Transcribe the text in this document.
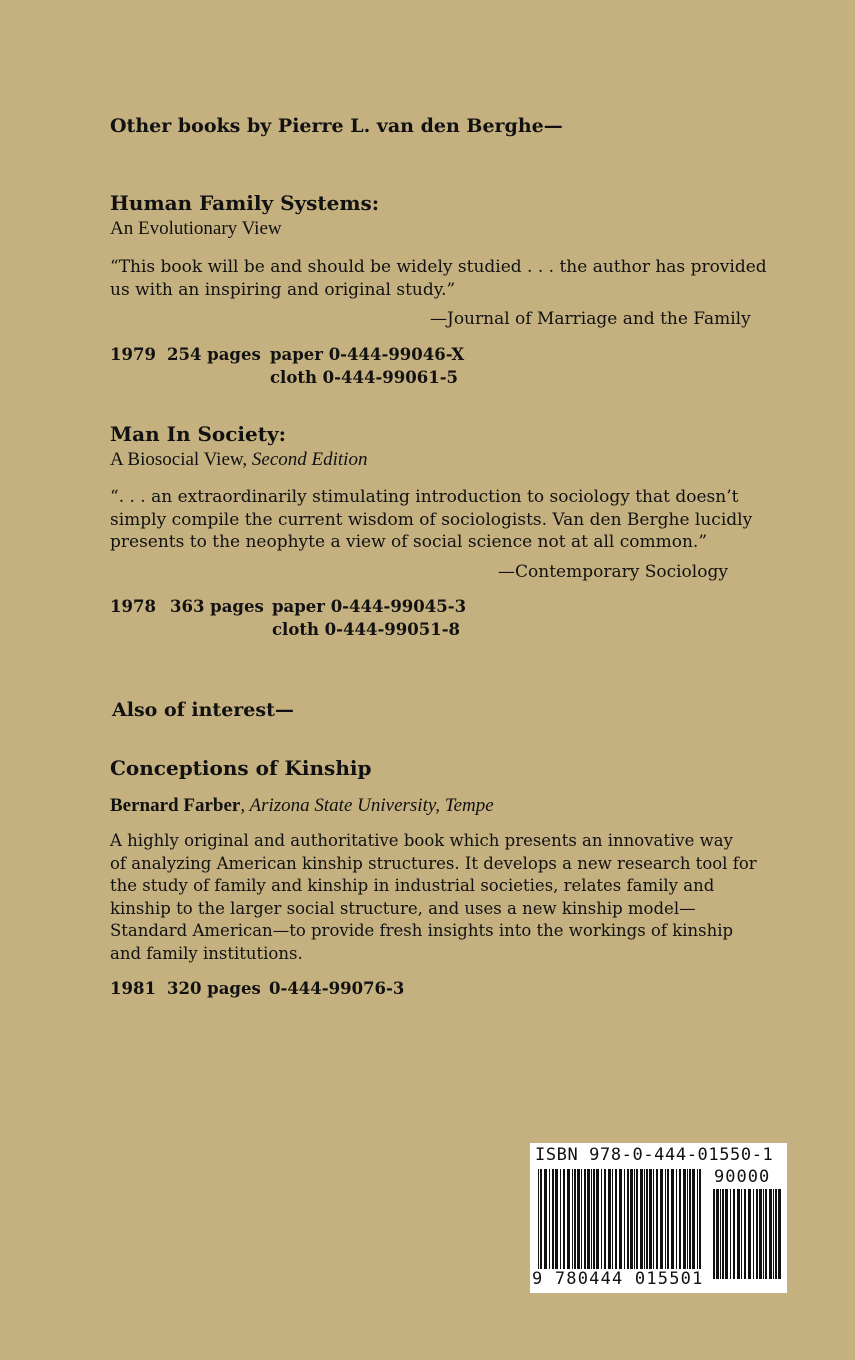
Other books by Pierre L. van den Berghe—
Human Family Systems:
An Evolutionary View
“This book will be and should be widely studied . . . the author has provided
us with an inspiring and original study.”
—Journal of Marriage and the Family
1979 254 pages paper 0-444-99046-X
cloth 0-444-99061-5
Man In Society:
A Biosocial View, Second Edition
“. . . an extraordinarily stimulating introduction to sociology that doesn’t
simply compile the current wisdom of sociologists. Van den Berghe lucidly
presents to the neophyte a view of social science not at all common.”
—Contemporary Sociology
1978 363 pages paper 0-444-99045-3
cloth 0-444-99051-8
Also of interest—
Conceptions of Kinship
Bernard Farber, Arizona State University, Tempe
A highly original and authoritative book which presents an innovative way
of analyzing American kinship structures. It develops a new research tool for
the study of family and kinship in industrial societies, relates family and
kinship to the larger social structure, and uses a new kinship model—
Standard American—to provide fresh insights into the workings of kinship
and family institutions.
1981 320 pages 0-444-99076-3
ISBN 978-0-444-01550-1
90000
9 780444 015501
